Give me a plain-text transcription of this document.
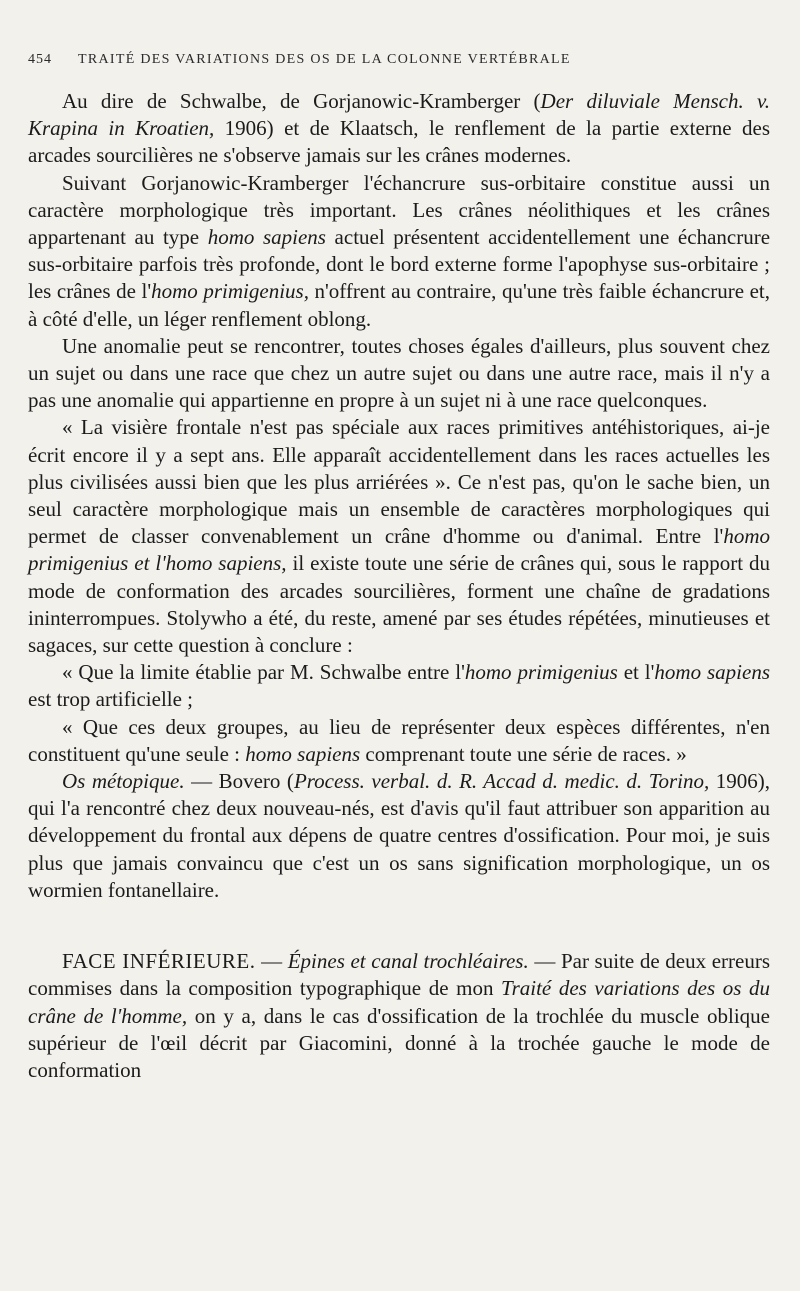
454 TRAITÉ DES VARIATIONS DES OS DE LA COLONNE VERTÉBRALE

Au dire de Schwalbe, de Gorjanowic-Kramberger (Der diluviale Mensch. v. Krapina in Kroatien, 1906) et de Klaatsch, le renflement de la partie externe des arcades sourcilières ne s'observe jamais sur les crânes modernes.

Suivant Gorjanowic-Kramberger l'échancrure sus-orbitaire constitue aussi un caractère morphologique très important. Les crânes néolithiques et les crânes appartenant au type homo sapiens actuel présentent accidentellement une échancrure sus-orbitaire parfois très profonde, dont le bord externe forme l'apophyse sus-orbitaire ; les crânes de l'homo primigenius, n'offrent au contraire, qu'une très faible échancrure et, à côté d'elle, un léger renflement oblong.

Une anomalie peut se rencontrer, toutes choses égales d'ailleurs, plus souvent chez un sujet ou dans une race que chez un autre sujet ou dans une autre race, mais il n'y a pas une anomalie qui appartienne en propre à un sujet ni à une race quelconques.

« La visière frontale n'est pas spéciale aux races primitives antéhistoriques, ai-je écrit encore il y a sept ans. Elle apparaît accidentellement dans les races actuelles les plus civilisées aussi bien que les plus arriérées ». Ce n'est pas, qu'on le sache bien, un seul caractère morphologique mais un ensemble de caractères morphologiques qui permet de classer convenablement un crâne d'homme ou d'animal. Entre l'homo primigenius et l'homo sapiens, il existe toute une série de crânes qui, sous le rapport du mode de conformation des arcades sourcilières, forment une chaîne de gradations ininterrompues. Stolywho a été, du reste, amené par ses études répétées, minutieuses et sagaces, sur cette question à conclure :

« Que la limite établie par M. Schwalbe entre l'homo primigenius et l'homo sapiens est trop artificielle ;

« Que ces deux groupes, au lieu de représenter deux espèces différentes, n'en constituent qu'une seule : homo sapiens comprenant toute une série de races. »

Os métopique. — Bovero (Process. verbal. d. R. Accad d. medic. d. Torino, 1906), qui l'a rencontré chez deux nouveau-nés, est d'avis qu'il faut attribuer son apparition au développement du frontal aux dépens de quatre centres d'ossification. Pour moi, je suis plus que jamais convaincu que c'est un os sans signification morphologique, un os wormien fontanellaire.

FACE INFÉRIEURE. — Épines et canal trochléaires. — Par suite de deux erreurs commises dans la composition typographique de mon Traité des variations des os du crâne de l'homme, on y a, dans le cas d'ossification de la trochlée du muscle oblique supérieur de l'œil décrit par Giacomini, donné à la trochée gauche le mode de conformation
